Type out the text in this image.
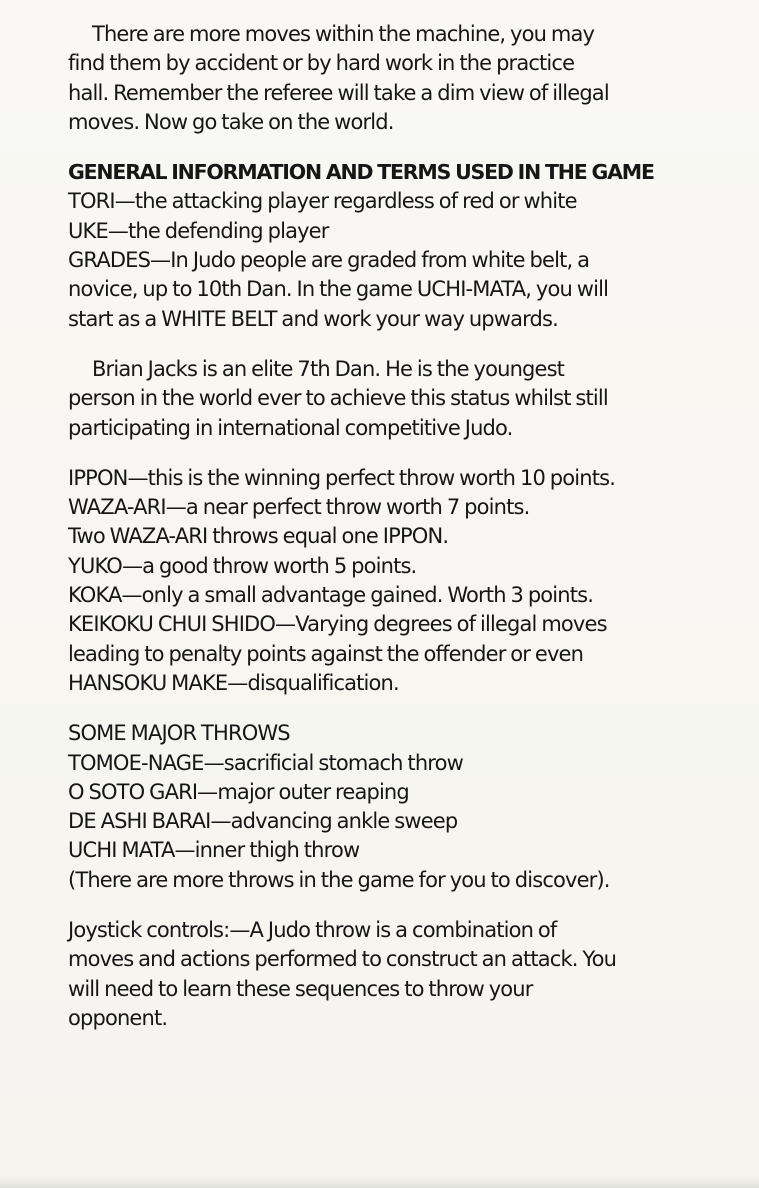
There are more moves within the machine, you may
find them by accident or by hard work in the practice
hall. Remember the referee will take a dim view of illegal
moves. Now go take on the world.
GENERAL INFORMATION AND TERMS USED IN THE GAME
TORI—the attacking player regardless of red or white
UKE—the defending player
GRADES—In Judo people are graded from white belt, a
novice, up to 10th Dan. In the game UCHI-MATA, you will
start as a WHITE BELT and work your way upwards.
Brian Jacks is an elite 7th Dan. He is the youngest
person in the world ever to achieve this status whilst still
participating in international competitive Judo.
IPPON—this is the winning perfect throw worth 10 points.
WAZA-ARI—a near perfect throw worth 7 points.
Two WAZA-ARI throws equal one IPPON.
YUKO—a good throw worth 5 points.
KOKA—only a small advantage gained. Worth 3 points.
KEIKOKU CHUI SHIDO—Varying degrees of illegal moves
leading to penalty points against the offender or even
HANSOKU MAKE—disqualification.
SOME MAJOR THROWS
TOMOE-NAGE—sacrificial stomach throw
O SOTO GARI—major outer reaping
DE ASHI BARAI—advancing ankle sweep
UCHI MATA—inner thigh throw
(There are more throws in the game for you to discover).
Joystick controls:—A Judo throw is a combination of
moves and actions performed to construct an attack. You
will need to learn these sequences to throw your
opponent.
